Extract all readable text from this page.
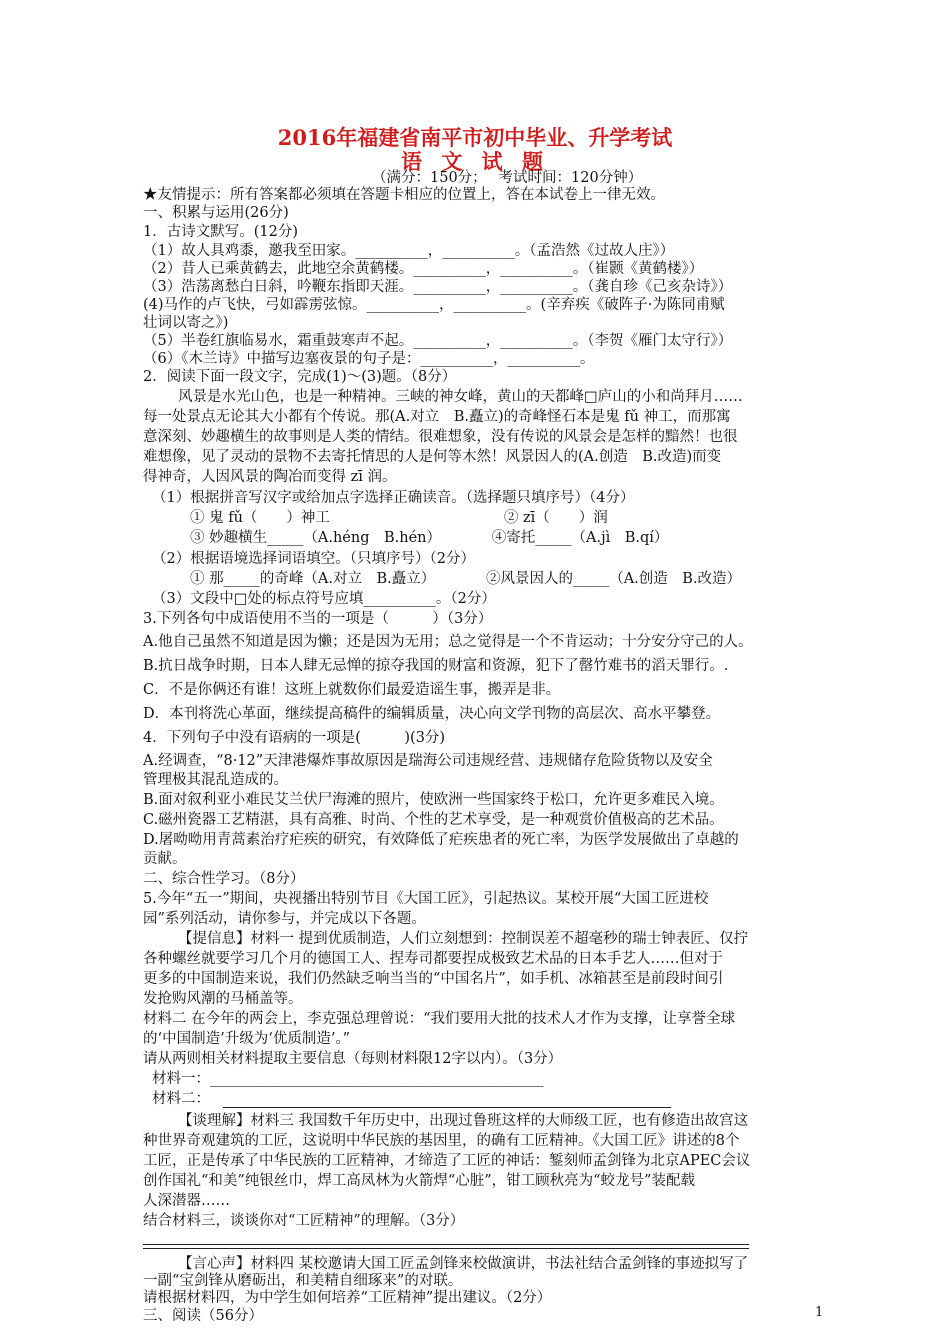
2016年福建省南平市初中毕业、升学考试
语 文 试 题
（满分：150分；　 考试时间：120分钟）
★友情提示：所有答案都必须填在答题卡相应的位置上，答在本试卷上一律无效。
一、积累与运用(26分)
1．古诗文默写。(12分)
（1）故人具鸡黍，邀我至田家。__________，__________。（孟浩然《过故人庄》）
（2）昔人已乘黄鹤去，此地空余黄鹤楼。__________，__________。（崔颢《黄鹤楼》）
（3）浩荡离愁白日斜，吟鞭东指即天涯。__________，__________。（龚自珍《己亥杂诗》）
(4)马作的卢飞快，弓如霹雳弦惊。__________，__________。(辛弃疾《破阵子·为陈同甫赋
壮词以寄之》)
（5）半卷红旗临易水，霜重鼓寒声不起。__________，__________。（李贺《雁门太守行》）
（6）《木兰诗》中描写边塞夜景的句子是：__________，__________。
2．阅读下面一段文字，完成(1)～(3)题。（8分）
风景是水光山色，也是一种精神。三峡的神女峰，黄山的天都峰□庐山的小和尚拜月……
每一处景点无论其大小都有个传说。那(A.对立　B.矗立)的奇峰怪石本是鬼 fǔ 神工，而那寓
意深刻、妙趣横生的故事则是人类的情结。很难想象，没有传说的风景会是怎样的黯然！也很
难想像，见了灵动的景物不去寄托情思的人是何等木然！风景因人的(A.创造　B.改造)而变
得神奇，人因风景的陶冶而变得 zī 润。
（1）根据拼音写汉字或给加点字选择正确读音。（选择题只填序号）（4分）
① 鬼 fǔ（　　）神工　　　　　　　　　　　　② zī（　　）润
③ 妙趣横生_____（A.héng　B.hén）　　　　④寄托_____（A.jì　B.qí）
（2）根据语境选择词语填空。（只填序号）（2分）
① 那_____的奇峰（A.对立　B.矗立）　　　　②风景因人的_____（A.创造　B.改造）
（3）文段中□处的标点符号应填__________。（2分）
3.下列各句中成语使用不当的一项是（　　　）（3分）
A.他自己虽然不知道是因为懒；还是因为无用；总之觉得是一个不肯运动；十分安分守己的人。
B.抗日战争时期，日本人肆无忌惮的掠夺我国的财富和资源，犯下了罄竹难书的滔天罪行。.
C．不是你俩还有谁！这班上就数你们最爱造谣生事，搬弄是非。
D．本刊将洗心革面，继续提高稿件的编辑质量，决心向文学刊物的高层次、高水平攀登。
4．下列句子中没有语病的一项是(　　　)(3分)
A.经调查，“8·12”天津港爆炸事故原因是瑞海公司违规经营、违规储存危险货物以及安全
管理极其混乱造成的。
B.面对叙利亚小难民艾兰伏尸海滩的照片，使欧洲一些国家终于松口，允许更多难民入境。
C.磁州瓷器工艺精湛，具有高雅、时尚、个性的艺术享受，是一种观赏价值极高的艺术品。
D.屠呦呦用青蒿素治疗疟疾的研究，有效降低了疟疾患者的死亡率，为医学发展做出了卓越的
贡献。
二、综合性学习。（8分）
5.今年“五一”期间，央视播出特别节目《大国工匠》，引起热议。某校开展“大国工匠进校
园”系列活动，请你参与，并完成以下各题。
【提信息】材料一 提到优质制造，人们立刻想到：控制误差不超毫秒的瑞士钟表匠、仅拧
各种螺丝就要学习几个月的德国工人、捏寿司都要捏成极致艺术品的日本手艺人……但对于
更多的中国制造来说，我们仍然缺乏响当当的“中国名片”，如手机、冰箱甚至是前段时间引
发抢购风潮的马桶盖等。
材料二 在今年的两会上，李克强总理曾说：“我们要用大批的技术人才作为支撑，让享誉全球
的‘中国制造’升级为‘优质制造’。”
请从两则相关材料提取主要信息（每则材料限12字以内）。（3分）
材料一：______________________________________________
材料二：
【谈理解】材料三 我国数千年历史中，出现过鲁班这样的大师级工匠，也有修造出故宫这
种世界奇观建筑的工匠，这说明中华民族的基因里，的确有工匠精神。《大国工匠》讲述的8个
工匠，正是传承了中华民族的工匠精神，才缔造了工匠的神话：錾刻师孟剑锋为北京APEC会议
创作国礼“和美”纯银丝巾，焊工高凤林为火箭焊“心脏”，钳工顾秋亮为“蛟龙号”装配载
人深潜器……
结合材料三，谈谈你对“工匠精神”的理解。（3分）
【言心声】材料四 某校邀请大国工匠孟剑锋来校做演讲，书法社结合孟剑锋的事迹拟写了
一副“宝剑锋从磨砺出，和美精自细琢来”的对联。
请根据材料四，为中学生如何培养“工匠精神”提出建议。（2分）
三、阅读（56分）	1
